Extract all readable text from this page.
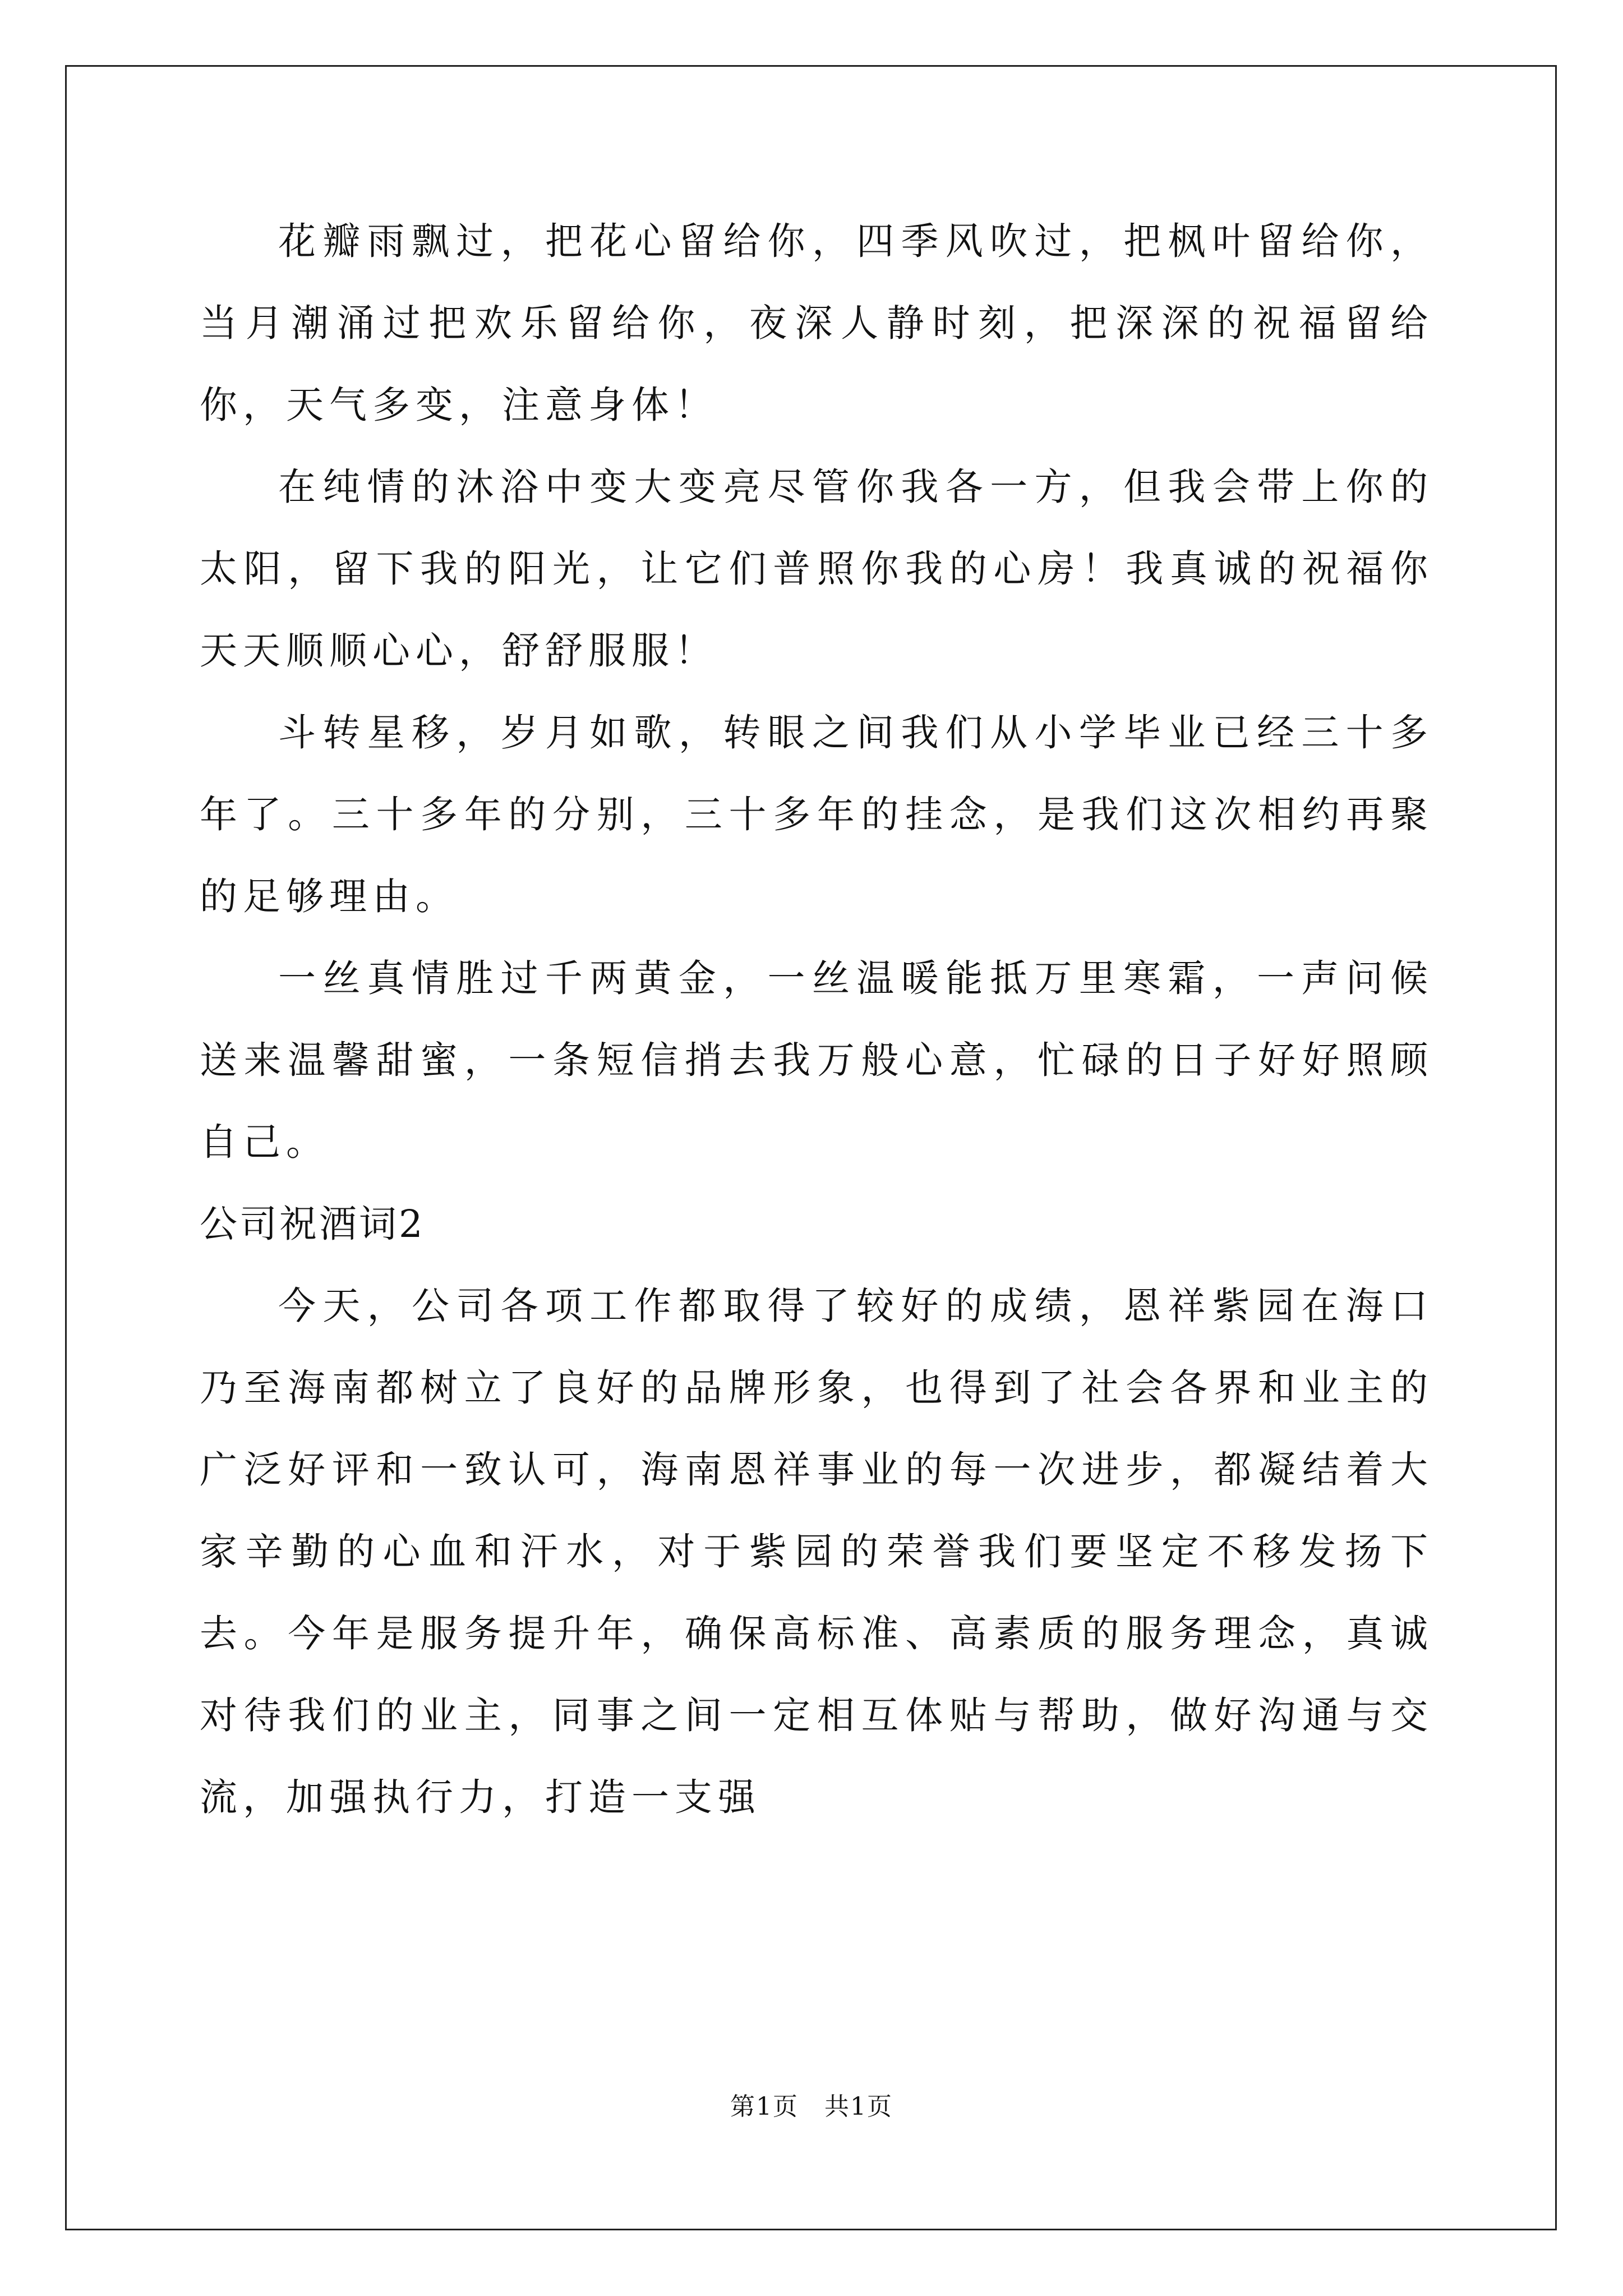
花瓣雨飘过，把花心留给你，四季风吹过，把枫叶留给你，当月潮涌过把欢乐留给你，夜深人静时刻，把深深的祝福留给你，天气多变，注意身体！

在纯情的沐浴中变大变亮尽管你我各一方，但我会带上你的太阳，留下我的阳光，让它们普照你我的心房！我真诚的祝福你天天顺顺心心，舒舒服服！

斗转星移，岁月如歌，转眼之间我们从小学毕业已经三十多年了。三十多年的分别，三十多年的挂念，是我们这次相约再聚的足够理由。

一丝真情胜过千两黄金，一丝温暖能抵万里寒霜，一声问候送来温馨甜蜜，一条短信捎去我万般心意，忙碌的日子好好照顾自己。

公司祝酒词2

今天，公司各项工作都取得了较好的成绩，恩祥紫园在海口乃至海南都树立了良好的品牌形象，也得到了社会各界和业主的广泛好评和一致认可，海南恩祥事业的每一次进步，都凝结着大家辛勤的心血和汗水，对于紫园的荣誉我们要坚定不移发扬下去。今年是服务提升年，确保高标准、高素质的服务理念，真诚对待我们的业主，同事之间一定相互体贴与帮助，做好沟通与交流，加强执行力，打造一支强

第1页 共1页
